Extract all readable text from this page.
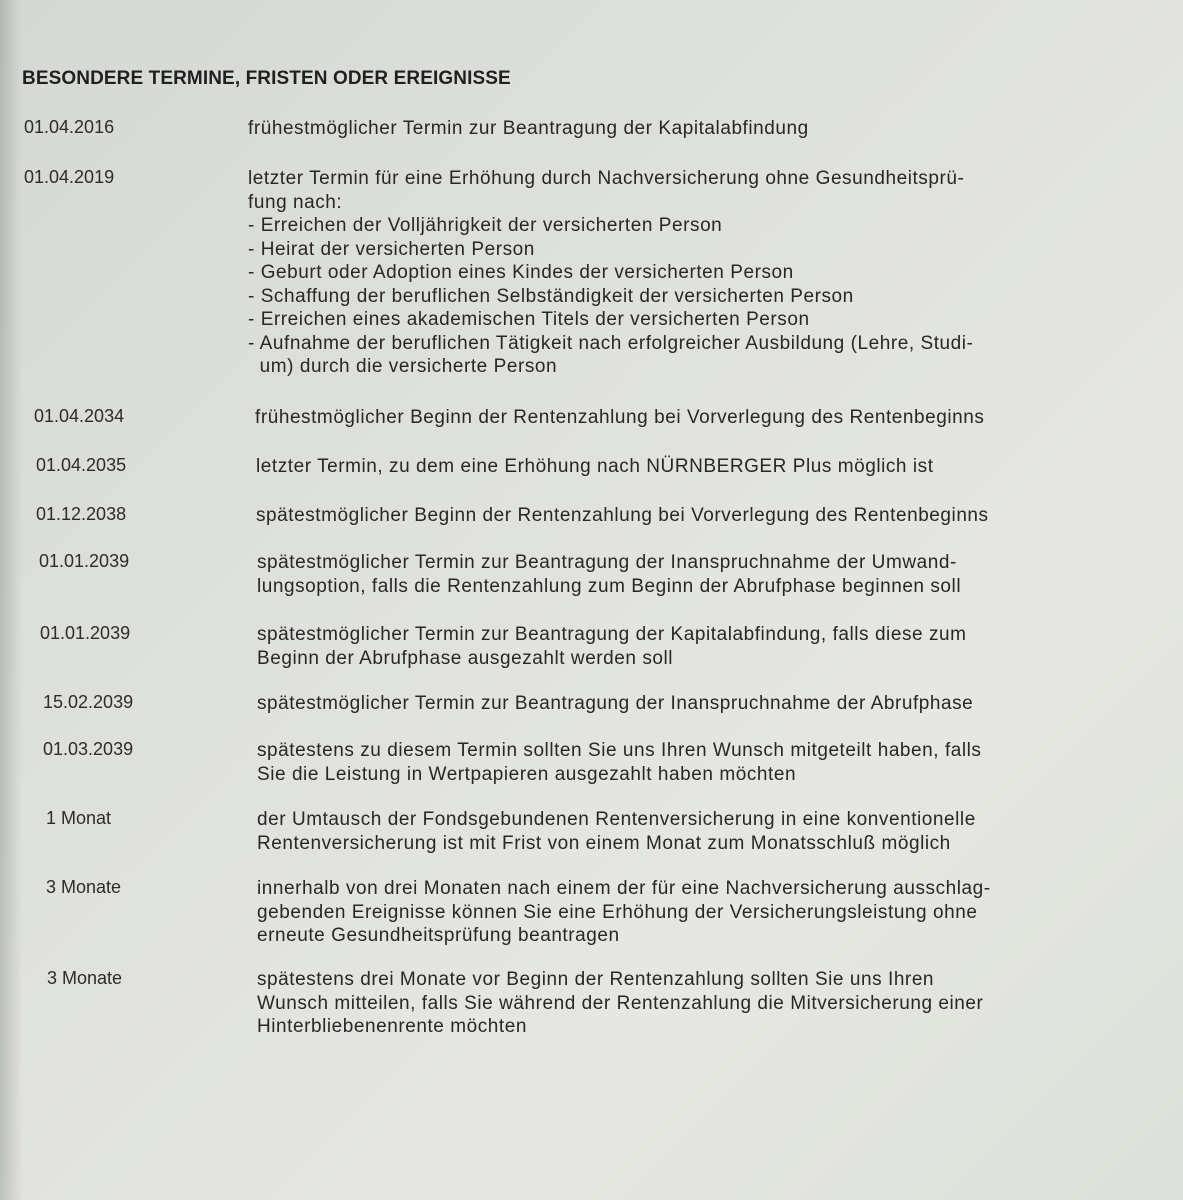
BESONDERE TERMINE, FRISTEN ODER EREIGNISSE
01.04.2016	frühestmöglicher Termin zur Beantragung der Kapitalabfindung

01.04.2019	letzter Termin für eine Erhöhung durch Nachversicherung ohne Gesundheitsprü-
fung nach:
- Erreichen der Volljährigkeit der versicherten Person
- Heirat der versicherten Person
- Geburt oder Adoption eines Kindes der versicherten Person
- Schaffung der beruflichen Selbständigkeit der versicherten Person
- Erreichen eines akademischen Titels der versicherten Person
- Aufnahme der beruflichen Tätigkeit nach erfolgreicher Ausbildung (Lehre, Studi-
um) durch die versicherte Person

01.04.2034	frühestmöglicher Beginn der Rentenzahlung bei Vorverlegung des Rentenbeginns

01.04.2035	letzter Termin, zu dem eine Erhöhung nach NÜRNBERGER Plus möglich ist

01.12.2038	spätestmöglicher Beginn der Rentenzahlung bei Vorverlegung des Rentenbeginns

01.01.2039	spätestmöglicher Termin zur Beantragung der Inanspruchnahme der Umwand-
lungsoption, falls die Rentenzahlung zum Beginn der Abrufphase beginnen soll

01.01.2039	spätestmöglicher Termin zur Beantragung der Kapitalabfindung, falls diese zum
Beginn der Abrufphase ausgezahlt werden soll

15.02.2039	spätestmöglicher Termin zur Beantragung der Inanspruchnahme der Abrufphase

01.03.2039	spätestens zu diesem Termin sollten Sie uns Ihren Wunsch mitgeteilt haben, falls
Sie die Leistung in Wertpapieren ausgezahlt haben möchten

1 Monat	der Umtausch der Fondsgebundenen Rentenversicherung in eine konventionelle
Rentenversicherung ist mit Frist von einem Monat zum Monatsschluß möglich

3 Monate	innerhalb von drei Monaten nach einem der für eine Nachversicherung ausschlag-
gebenden Ereignisse können Sie eine Erhöhung der Versicherungsleistung ohne
erneute Gesundheitsprüfung beantragen

3 Monate	spätestens drei Monate vor Beginn der Rentenzahlung sollten Sie uns Ihren
Wunsch mitteilen, falls Sie während der Rentenzahlung die Mitversicherung einer
Hinterbliebenenrente möchten
